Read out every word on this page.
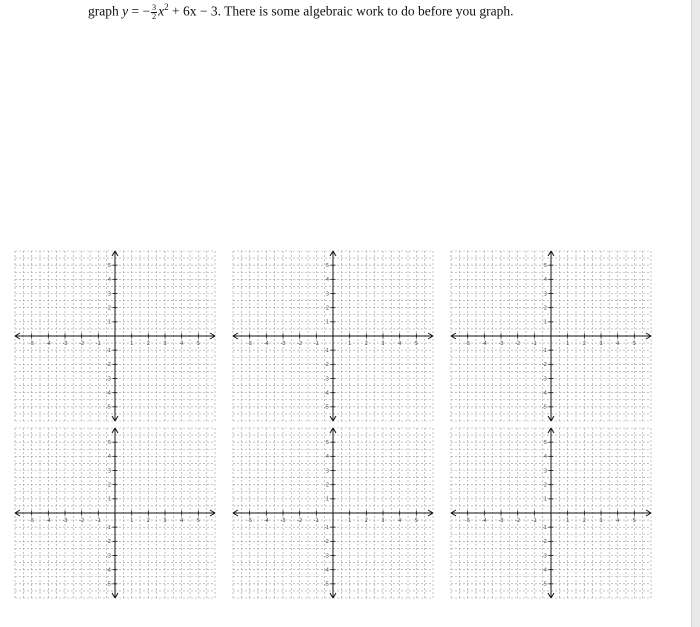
graph y = − $\frac{3}{2} x^2 + 6x - 3$. There is some algebraic work to do before you graph.
-5 -4 -3 -2 -1	1	2	3	4	5
5
4
3
2
1
-1
-2
-3
-4
-5
-5 -4 -3 -2 -1	1	2	3	4	5
5
4
3
2
1
-1
-2
-3
-4
-5
-5 -4 -3 -2 -1	1	2	3	4	5
5
4
3
2
1
-1
-2
-3
-4
-5
-5 -4 -3 -2 -1	1	2	3	4	5
5
4
3
2
1
-1
-2
-3
-4
-5
-5 -4 -3 -2 -1	1	2	3	4	5
5
4
3
2
1
-1
-2
-3
-4
-5
-5 -4 -3 -2 -1	1	2	3	4	5
5
4
3
2
1
-1
-2
-3
-4
-5
